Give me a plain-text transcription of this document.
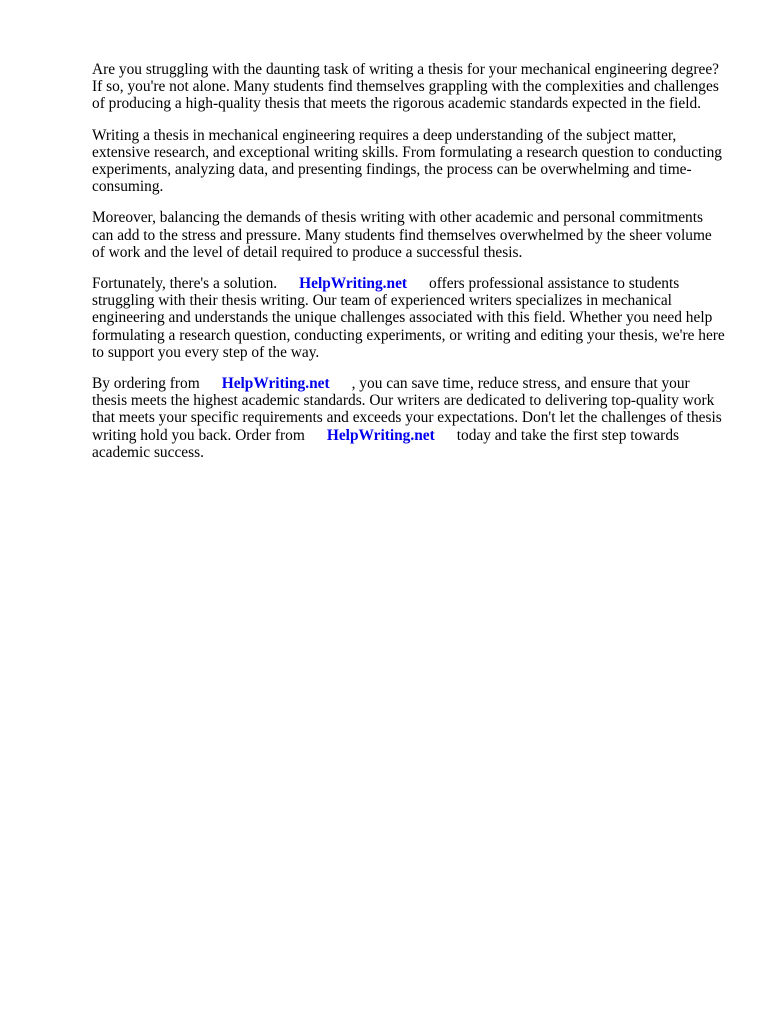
Are you struggling with the daunting task of writing a thesis for your mechanical engineering degree? If so, you're not alone. Many students find themselves grappling with the complexities and challenges of producing a high-quality thesis that meets the rigorous academic standards expected in the field.

Writing a thesis in mechanical engineering requires a deep understanding of the subject matter, extensive research, and exceptional writing skills. From formulating a research question to conducting experiments, analyzing data, and presenting findings, the process can be overwhelming and time-consuming.

Moreover, balancing the demands of thesis writing with other academic and personal commitments can add to the stress and pressure. Many students find themselves overwhelmed by the sheer volume of work and the level of detail required to produce a successful thesis.

Fortunately, there's a solution. HelpWriting.net offers professional assistance to students struggling with their thesis writing. Our team of experienced writers specializes in mechanical engineering and understands the unique challenges associated with this field. Whether you need help formulating a research question, conducting experiments, or writing and editing your thesis, we're here to support you every step of the way.

By ordering from HelpWriting.net , you can save time, reduce stress, and ensure that your thesis meets the highest academic standards. Our writers are dedicated to delivering top-quality work that meets your specific requirements and exceeds your expectations. Don't let the challenges of thesis writing hold you back. Order from HelpWriting.net today and take the first step towards academic success.
